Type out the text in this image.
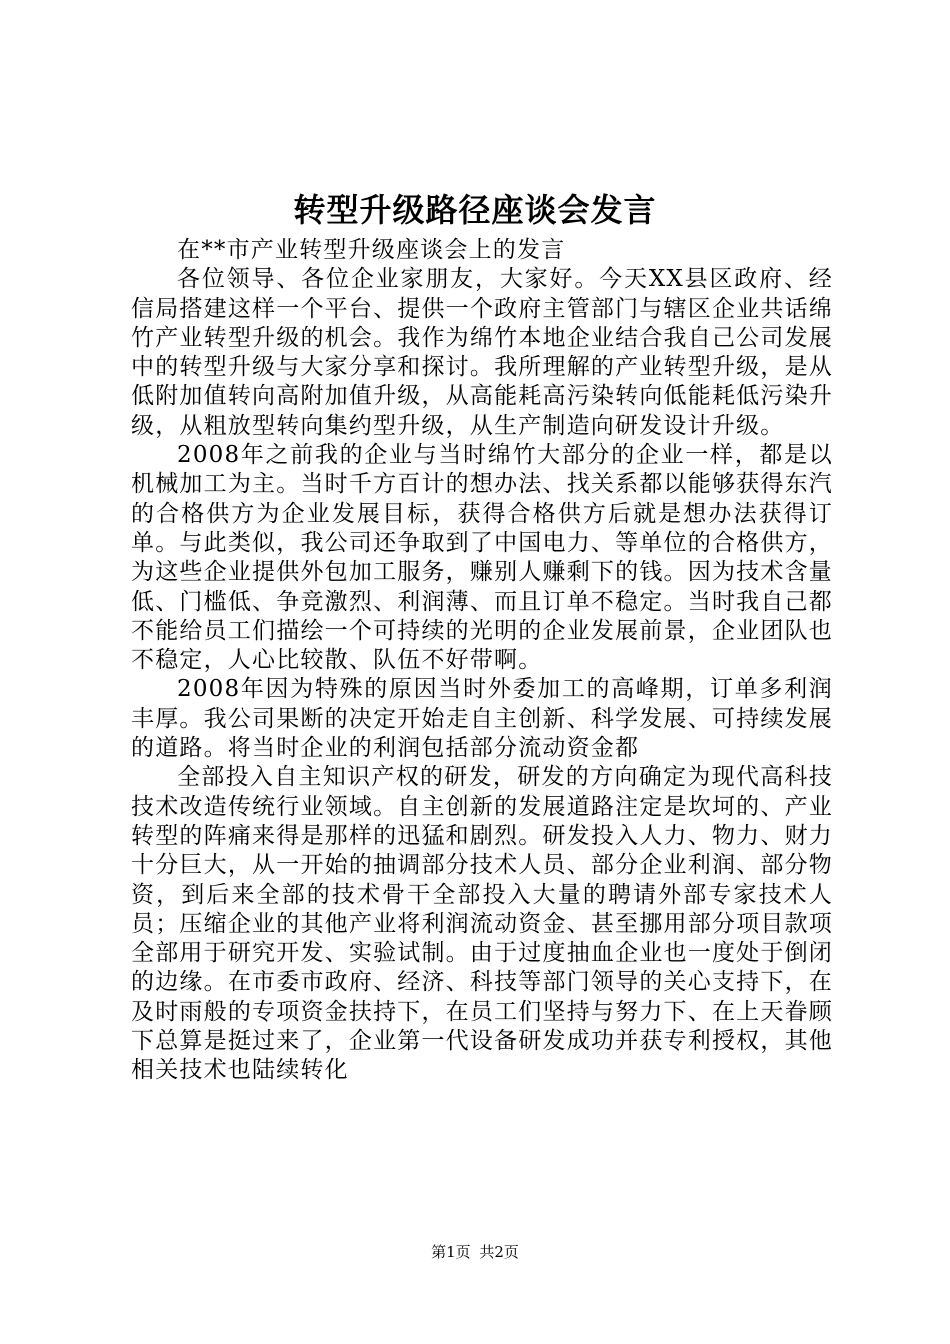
转型升级路径座谈会发言

在**市产业转型升级座谈会上的发言

各位领导、各位企业家朋友，大家好。今天XX县区政府、经信局搭建这样一个平台、提供一个政府主管部门与辖区企业共话绵竹产业转型升级的机会。我作为绵竹本地企业结合我自己公司发展中的转型升级与大家分享和探讨。我所理解的产业转型升级，是从低附加值转向高附加值升级，从高能耗高污染转向低能耗低污染升级，从粗放型转向集约型升级，从生产制造向研发设计升级。

2008年之前我的企业与当时绵竹大部分的企业一样，都是以机械加工为主。当时千方百计的想办法、找关系都以能够获得东汽的合格供方为企业发展目标，获得合格供方后就是想办法获得订单。与此类似，我公司还争取到了中国电力、等单位的合格供方，为这些企业提供外包加工服务，赚别人赚剩下的钱。因为技术含量低、门槛低、争竞激烈、利润薄、而且订单不稳定。当时我自己都不能给员工们描绘一个可持续的光明的企业发展前景，企业团队也不稳定，人心比较散、队伍不好带啊。

2008年因为特殊的原因当时外委加工的高峰期，订单多利润丰厚。我公司果断的决定开始走自主创新、科学发展、可持续发展的道路。将当时企业的利润包括部分流动资金都

全部投入自主知识产权的研发，研发的方向确定为现代高科技技术改造传统行业领域。自主创新的发展道路注定是坎坷的、产业转型的阵痛来得是那样的迅猛和剧烈。研发投入人力、物力、财力十分巨大，从一开始的抽调部分技术人员、部分企业利润、部分物资，到后来全部的技术骨干全部投入大量的聘请外部专家技术人员；压缩企业的其他产业将利润流动资金、甚至挪用部分项目款项全部用于研究开发、实验试制。由于过度抽血企业也一度处于倒闭的边缘。在市委市政府、经济、科技等部门领导的关心支持下，在及时雨般的专项资金扶持下，在员工们坚持与努力下、在上天眷顾下总算是挺过来了，企业第一代设备研发成功并获专利授权，其他相关技术也陆续转化

第1页 共2页
